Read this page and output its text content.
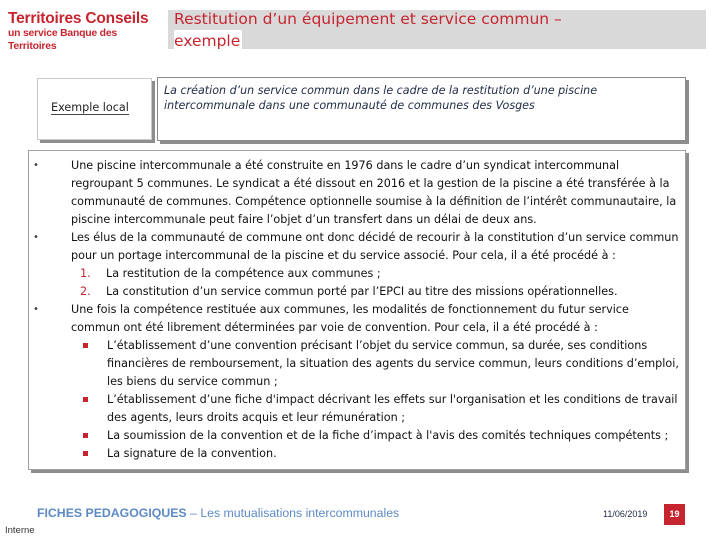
Territoires Conseils
un service Banque des Territoires
Restitution d’un équipement et service commun –
exemple
Exemple local
La création d’un service commun dans le cadre de la restitution d’une piscine intercommunale dans une communauté de communes des Vosges
•	Une piscine intercommunale a été construite en 1976 dans le cadre d’un syndicat intercommunal regroupant 5 communes. Le syndicat a été dissout en 2016 et la gestion de la piscine a été transférée à la communauté de communes. Compétence optionnelle soumise à la définition de l’intérêt communautaire, la piscine intercommunale peut faire l’objet d’un transfert dans un délai de deux ans.
•	Les élus de la communauté de commune ont donc décidé de recourir à la constitution d’un service commun pour un portage intercommunal de la piscine et du service associé. Pour cela, il a été procédé à :
1. La restitution de la compétence aux communes ;
2. La constitution d’un service commun porté par l’EPCI au titre des missions opérationnelles.
•	Une fois la compétence restituée aux communes, les modalités de fonctionnement du futur service commun ont été librement déterminées par voie de convention. Pour cela, il a été procédé à :
L’établissement d’une convention précisant l’objet du service commun, sa durée, ses conditions financières de remboursement, la situation des agents du service commun, leurs conditions d’emploi, les biens du service commun ;
L’établissement d’une fiche d'impact décrivant les effets sur l'organisation et les conditions de travail des agents, leurs droits acquis et leur rémunération ;
La soumission de la convention et de la fiche d’impact à l'avis des comités techniques compétents ;
La signature de la convention.
FICHES PEDAGOGIQUES – Les mutualisations intercommunales	11/06/2019	19
Interne
